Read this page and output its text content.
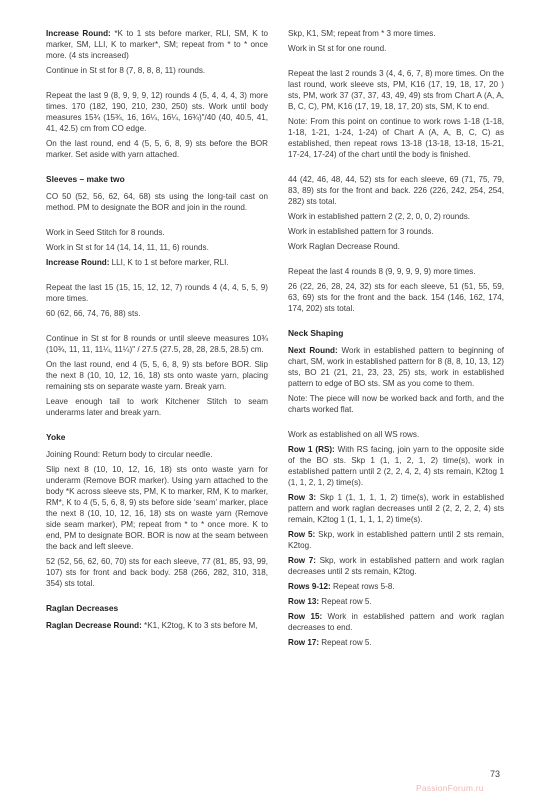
Increase Round: *K to 1 sts before marker, RLI, SM, K to marker, SM, LLI, K to marker*, SM; repeat from * to * once more. (4 sts increased)
Continue in St st for 8 (7, 8, 8, 8, 11) rounds.
Repeat the last 9 (8, 9, 9, 9, 12) rounds 4 (5, 4, 4, 4, 3) more times. 170 (182, 190, 210, 230, 250) sts. Work until body measures 15¾ (15¾, 16, 16¼, 16¼, 16¾)"/40 (40, 40.5, 41, 41, 42.5) cm from CO edge.
On the last round, end 4 (5, 5, 6, 8, 9) sts before the BOR marker. Set aside with yarn attached.
Sleeves – make two
CO 50 (52, 56, 62, 64, 68) sts using the long-tail cast on method. PM to designate the BOR and join in the round.
Work in Seed Stitch for 8 rounds.
Work in St st for 14 (14, 14, 11, 11, 6) rounds.
Increase Round: LLI, K to 1 st before marker, RLI.
Repeat the last 15 (15, 15, 12, 12, 7) rounds 4 (4, 4, 5, 5, 9) more times.
60 (62, 66, 74, 76, 88) sts.
Continue in St st for 8 rounds or until sleeve measures 10¾ (10¾, 11, 11, 11¼, 11¼)" / 27.5 (27.5, 28, 28, 28.5, 28.5) cm.
On the last round, end 4 (5, 5, 6, 8, 9) sts before BOR. Slip the next 8 (10, 10, 12, 16, 18) sts onto waste yarn, placing remaining sts on separate waste yarn. Break yarn.
Leave enough tail to work Kitchener Stitch to seam underarms later and break yarn.
Yoke
Joining Round: Return body to circular needle.
Slip next 8 (10, 10, 12, 16, 18) sts onto waste yarn for underarm (Remove BOR marker). Using yarn attached to the body *K across sleeve sts, PM, K to marker, RM, K to marker, RM*, K to 4 (5, 5, 6, 8, 9) sts before side ‘seam’ marker, place the next 8 (10, 10, 12, 16, 18) sts on waste yarn (Remove side seam marker), PM; repeat from * to * once more. K to end, PM to designate BOR. BOR is now at the seam between the back and left sleeve.
52 (52, 56, 62, 60, 70) sts for each sleeve, 77 (81, 85, 93, 99, 107) sts for front and back body. 258 (266, 282, 310, 318, 354) sts total.
Raglan Decreases
Raglan Decrease Round: *K1, K2tog, K to 3 sts before M,
Skp, K1, SM; repeat from * 3 more times.
Work in St st for one round.
Repeat the last 2 rounds 3 (4, 4, 6, 7, 8) more times. On the last round, work sleeve sts, PM, K16 (17, 19, 18, 17, 20 ) sts, PM, work 37 (37, 37, 43, 49, 49) sts from Chart A (A, A, B, C, C), PM, K16 (17, 19, 18, 17, 20) sts, SM, K to end.
Note: From this point on continue to work rows 1-18 (1-18, 1-18, 1-21, 1-24, 1-24) of Chart A (A, A, B, C, C) as established, then repeat rows 13-18 (13-18, 13-18, 15-21, 17-24, 17-24) of the chart until the body is finished.
44 (42, 46, 48, 44, 52) sts for each sleeve, 69 (71, 75, 79, 83, 89) sts for the front and back. 226 (226, 242, 254, 254, 282) sts total.
Work in established pattern 2 (2, 2, 0, 0, 2) rounds.
Work in established pattern for 3 rounds.
Work Raglan Decrease Round.
Repeat the last 4 rounds 8 (9, 9, 9, 9, 9) more times.
26 (22, 26, 28, 24, 32) sts for each sleeve, 51 (51, 55, 59, 63, 69) sts for the front and the back. 154 (146, 162, 174, 174, 202) sts total.
Neck Shaping
Next Round: Work in established pattern to beginning of chart, SM, work in established pattern for 8 (8, 8, 10, 13, 12) sts, BO 21 (21, 21, 23, 23, 25) sts, work in established pattern to edge of BO sts. SM as you come to them.
Note: The piece will now be worked back and forth, and the charts worked flat.
Work as established on all WS rows.
Row 1 (RS): With RS facing, join yarn to the opposite side of the BO sts. Skp 1 (1, 1, 2, 1, 2) time(s), work in established pattern until 2 (2, 2, 4, 2, 4) sts remain, K2tog 1 (1, 1, 2, 1, 2) time(s).
Row 3: Skp 1 (1, 1, 1, 1, 2) time(s), work in established pattern and work raglan decreases until 2 (2, 2, 2, 2, 4) sts remain, K2tog 1 (1, 1, 1, 1, 2) time(s).
Row 5: Skp, work in established pattern until 2 sts remain, K2tog.
Row 7: Skp, work in established pattern and work raglan decreases until 2 sts remain, K2tog.
Rows 9-12: Repeat rows 5-8.
Row 13: Repeat row 5.
Row 15: Work in established pattern and work raglan decreases to end.
Row 17: Repeat row 5.
73
PassionForum.ru
